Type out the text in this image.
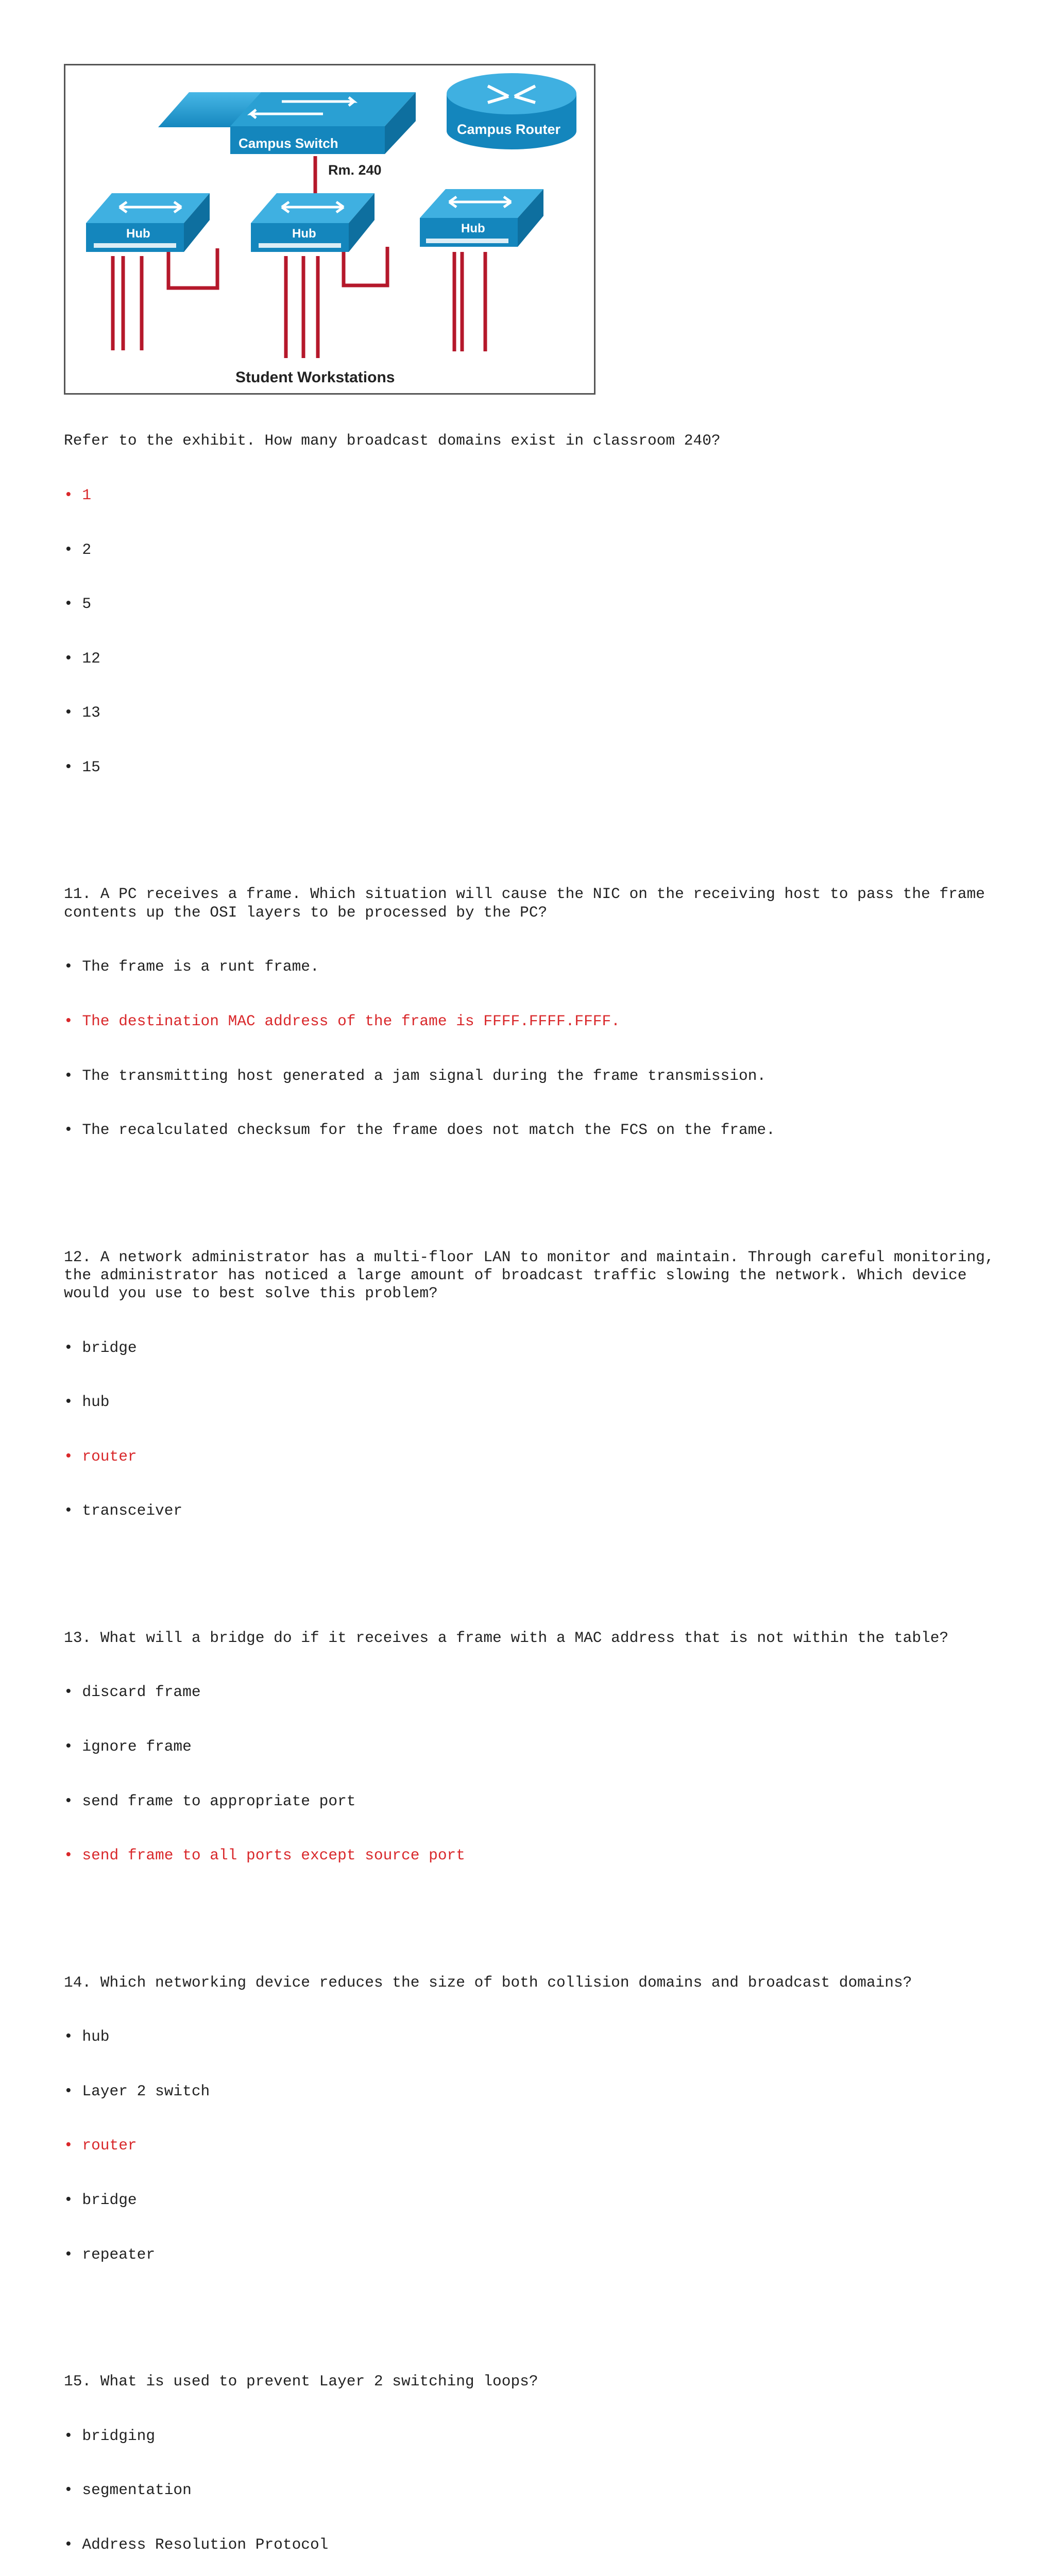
Campus Switch
Campus Router
Rm. 240
Hub	Hub	Hub
Student Workstations

Refer to the exhibit. How many broadcast domains exist in classroom 240?

• 1

• 2

• 5

• 12

• 13

• 15

11. A PC receives a frame. Which situation will cause the NIC on the receiving host to pass the frame contents up the OSI layers to be processed by the PC?

• The frame is a runt frame.

• The destination MAC address of the frame is FFFF.FFFF.FFFF.

• The transmitting host generated a jam signal during the frame transmission.

• The recalculated checksum for the frame does not match the FCS on the frame.

12. A network administrator has a multi-floor LAN to monitor and maintain. Through careful monitoring, the administrator has noticed a large amount of broadcast traffic slowing the network. Which device would you use to best solve this problem?

• bridge

• hub

• router

• transceiver

13. What will a bridge do if it receives a frame with a MAC address that is not within the table?

• discard frame

• ignore frame

• send frame to appropriate port

• send frame to all ports except source port

14. Which networking device reduces the size of both collision domains and broadcast domains?

• hub

• Layer 2 switch

• router

• bridge

• repeater

15. What is used to prevent Layer 2 switching loops?

• bridging

• segmentation

• Address Resolution Protocol
